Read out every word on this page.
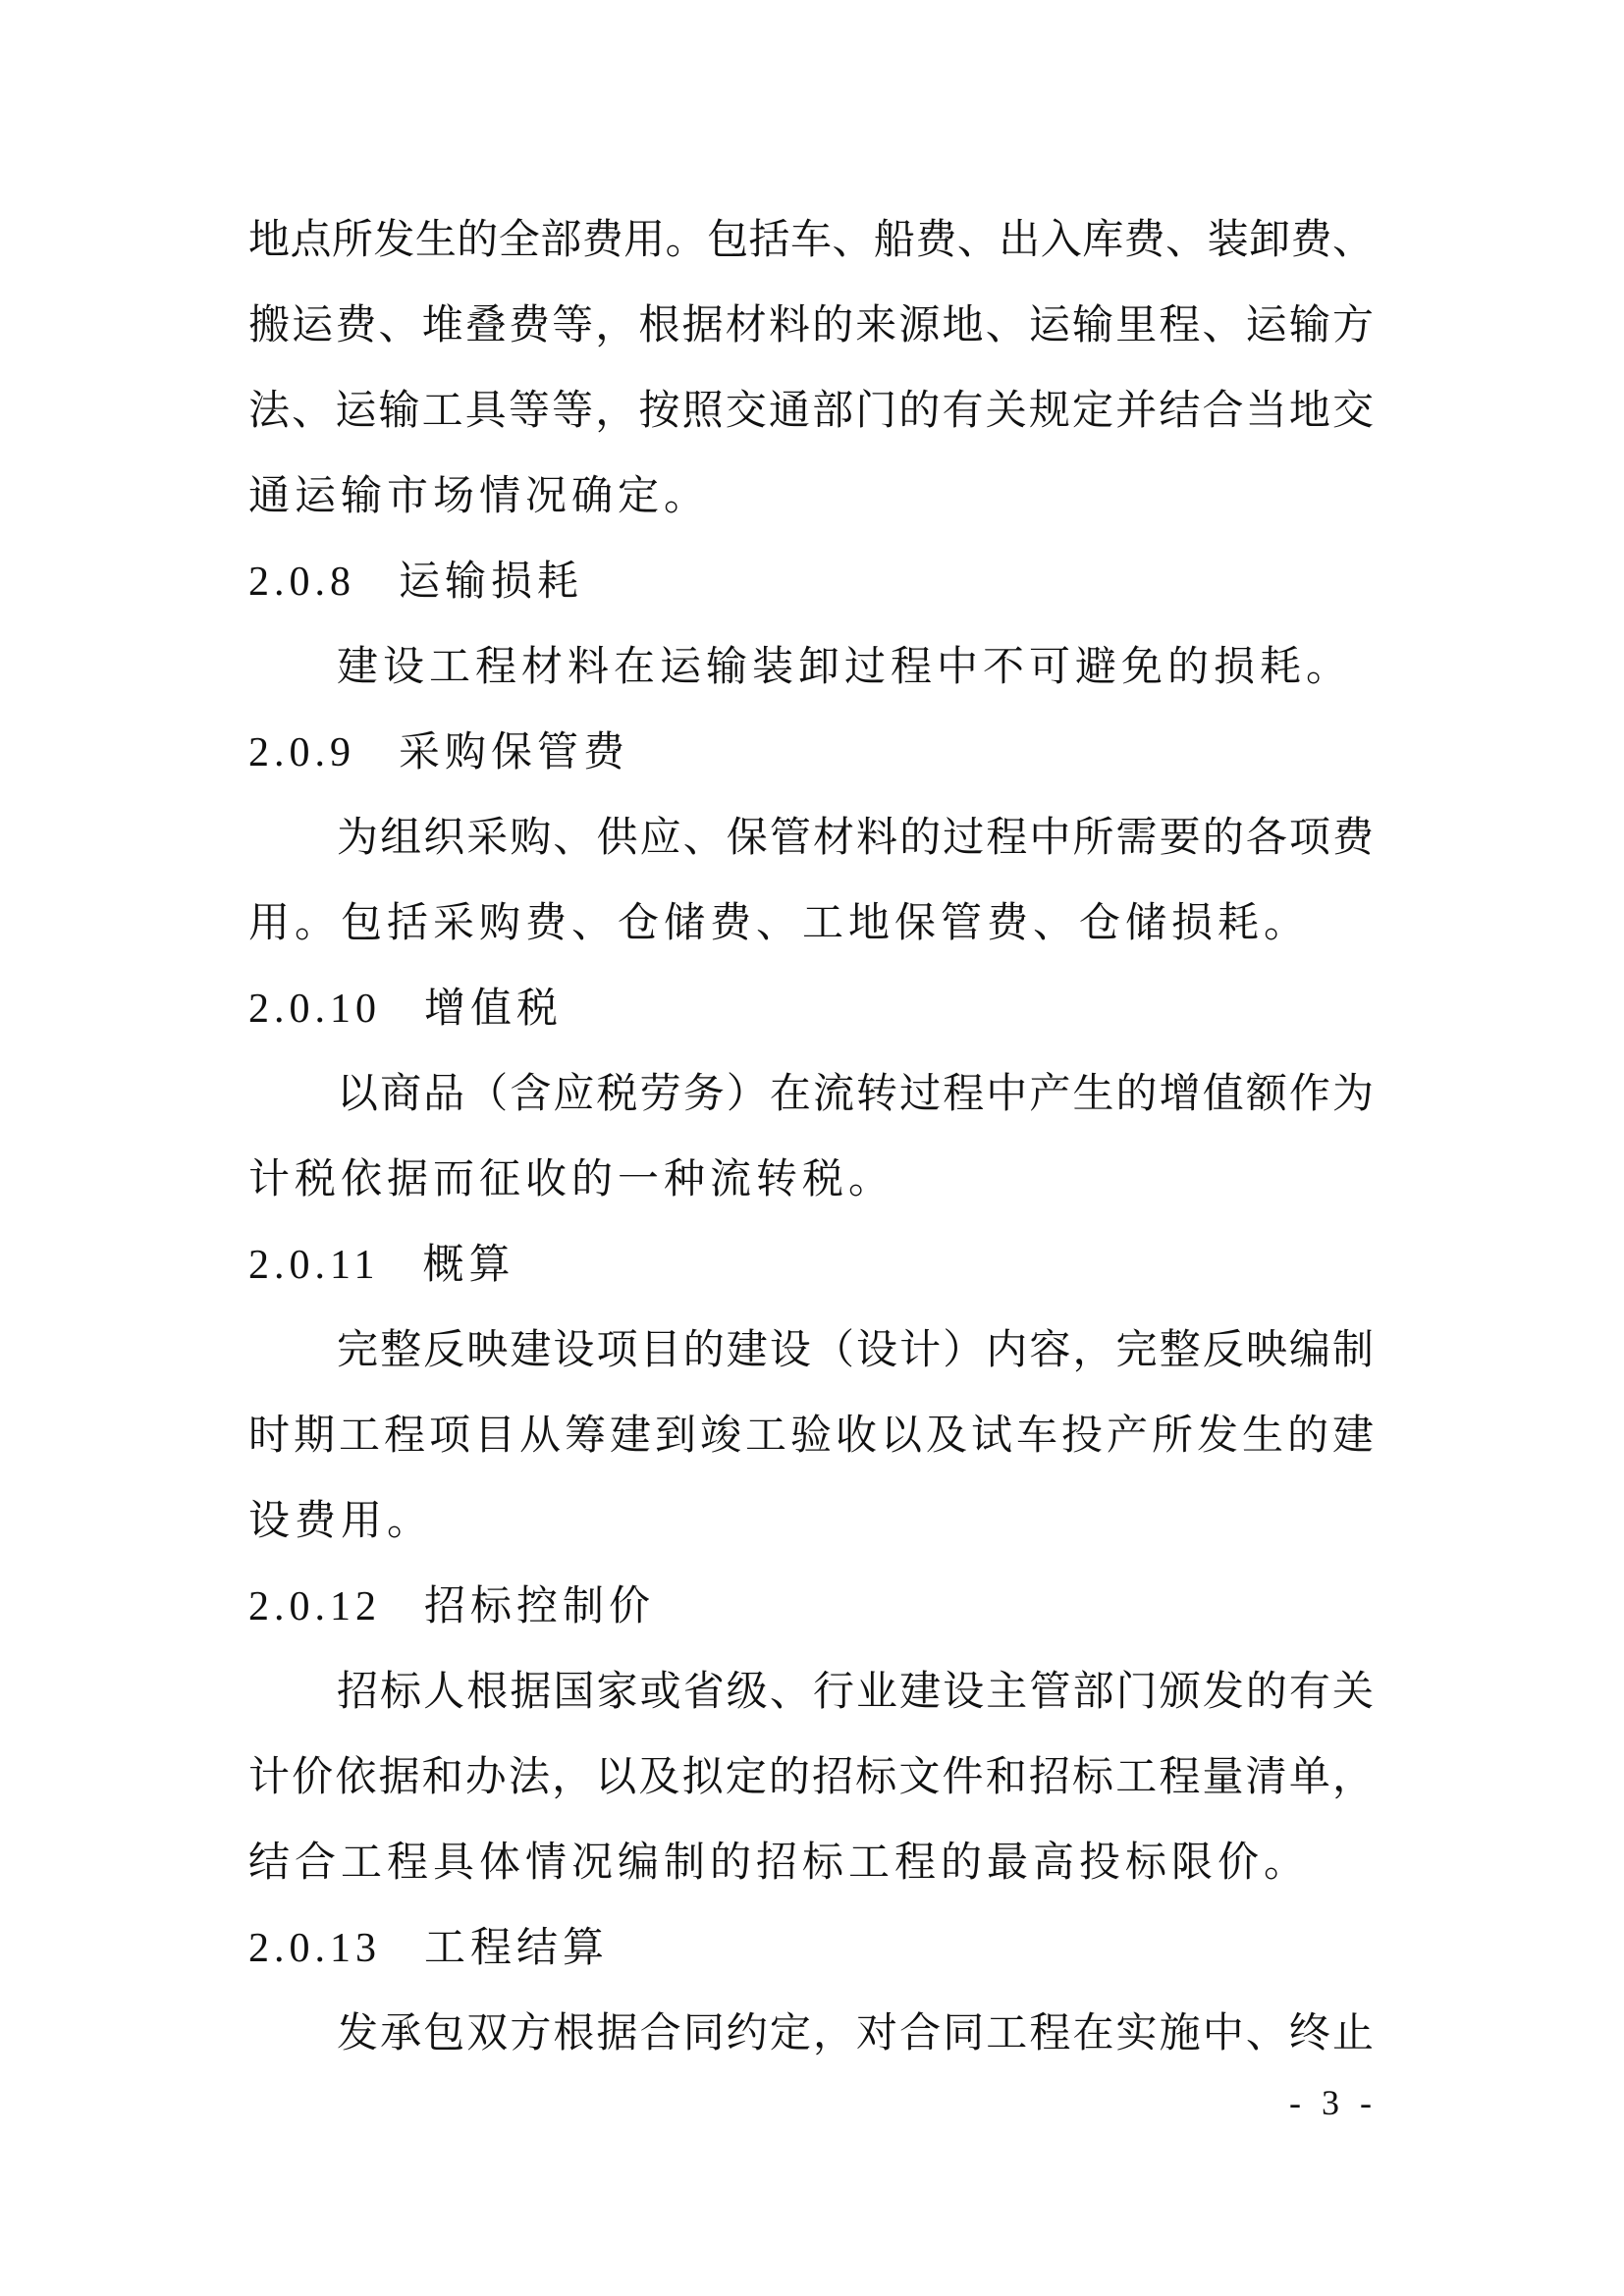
地点所发生的全部费用。包括车、船费、出入库费、装卸费、
搬运费、堆叠费等，根据材料的来源地、运输里程、运输方
法、运输工具等等，按照交通部门的有关规定并结合当地交
通运输市场情况确定。
2.0.8 运输损耗
建设工程材料在运输装卸过程中不可避免的损耗。
2.0.9 采购保管费
为组织采购、供应、保管材料的过程中所需要的各项费
用。包括采购费、仓储费、工地保管费、仓储损耗。
2.0.10 增值税
以商品（含应税劳务）在流转过程中产生的增值额作为
计税依据而征收的一种流转税。
2.0.11 概算
完整反映建设项目的建设（设计）内容，完整反映编制
时期工程项目从筹建到竣工验收以及试车投产所发生的建
设费用。
2.0.12 招标控制价
招标人根据国家或省级、行业建设主管部门颁发的有关
计价依据和办法，以及拟定的招标文件和招标工程量清单，
结合工程具体情况编制的招标工程的最高投标限价。
2.0.13 工程结算
发承包双方根据合同约定，对合同工程在实施中、终止
- 3 -
